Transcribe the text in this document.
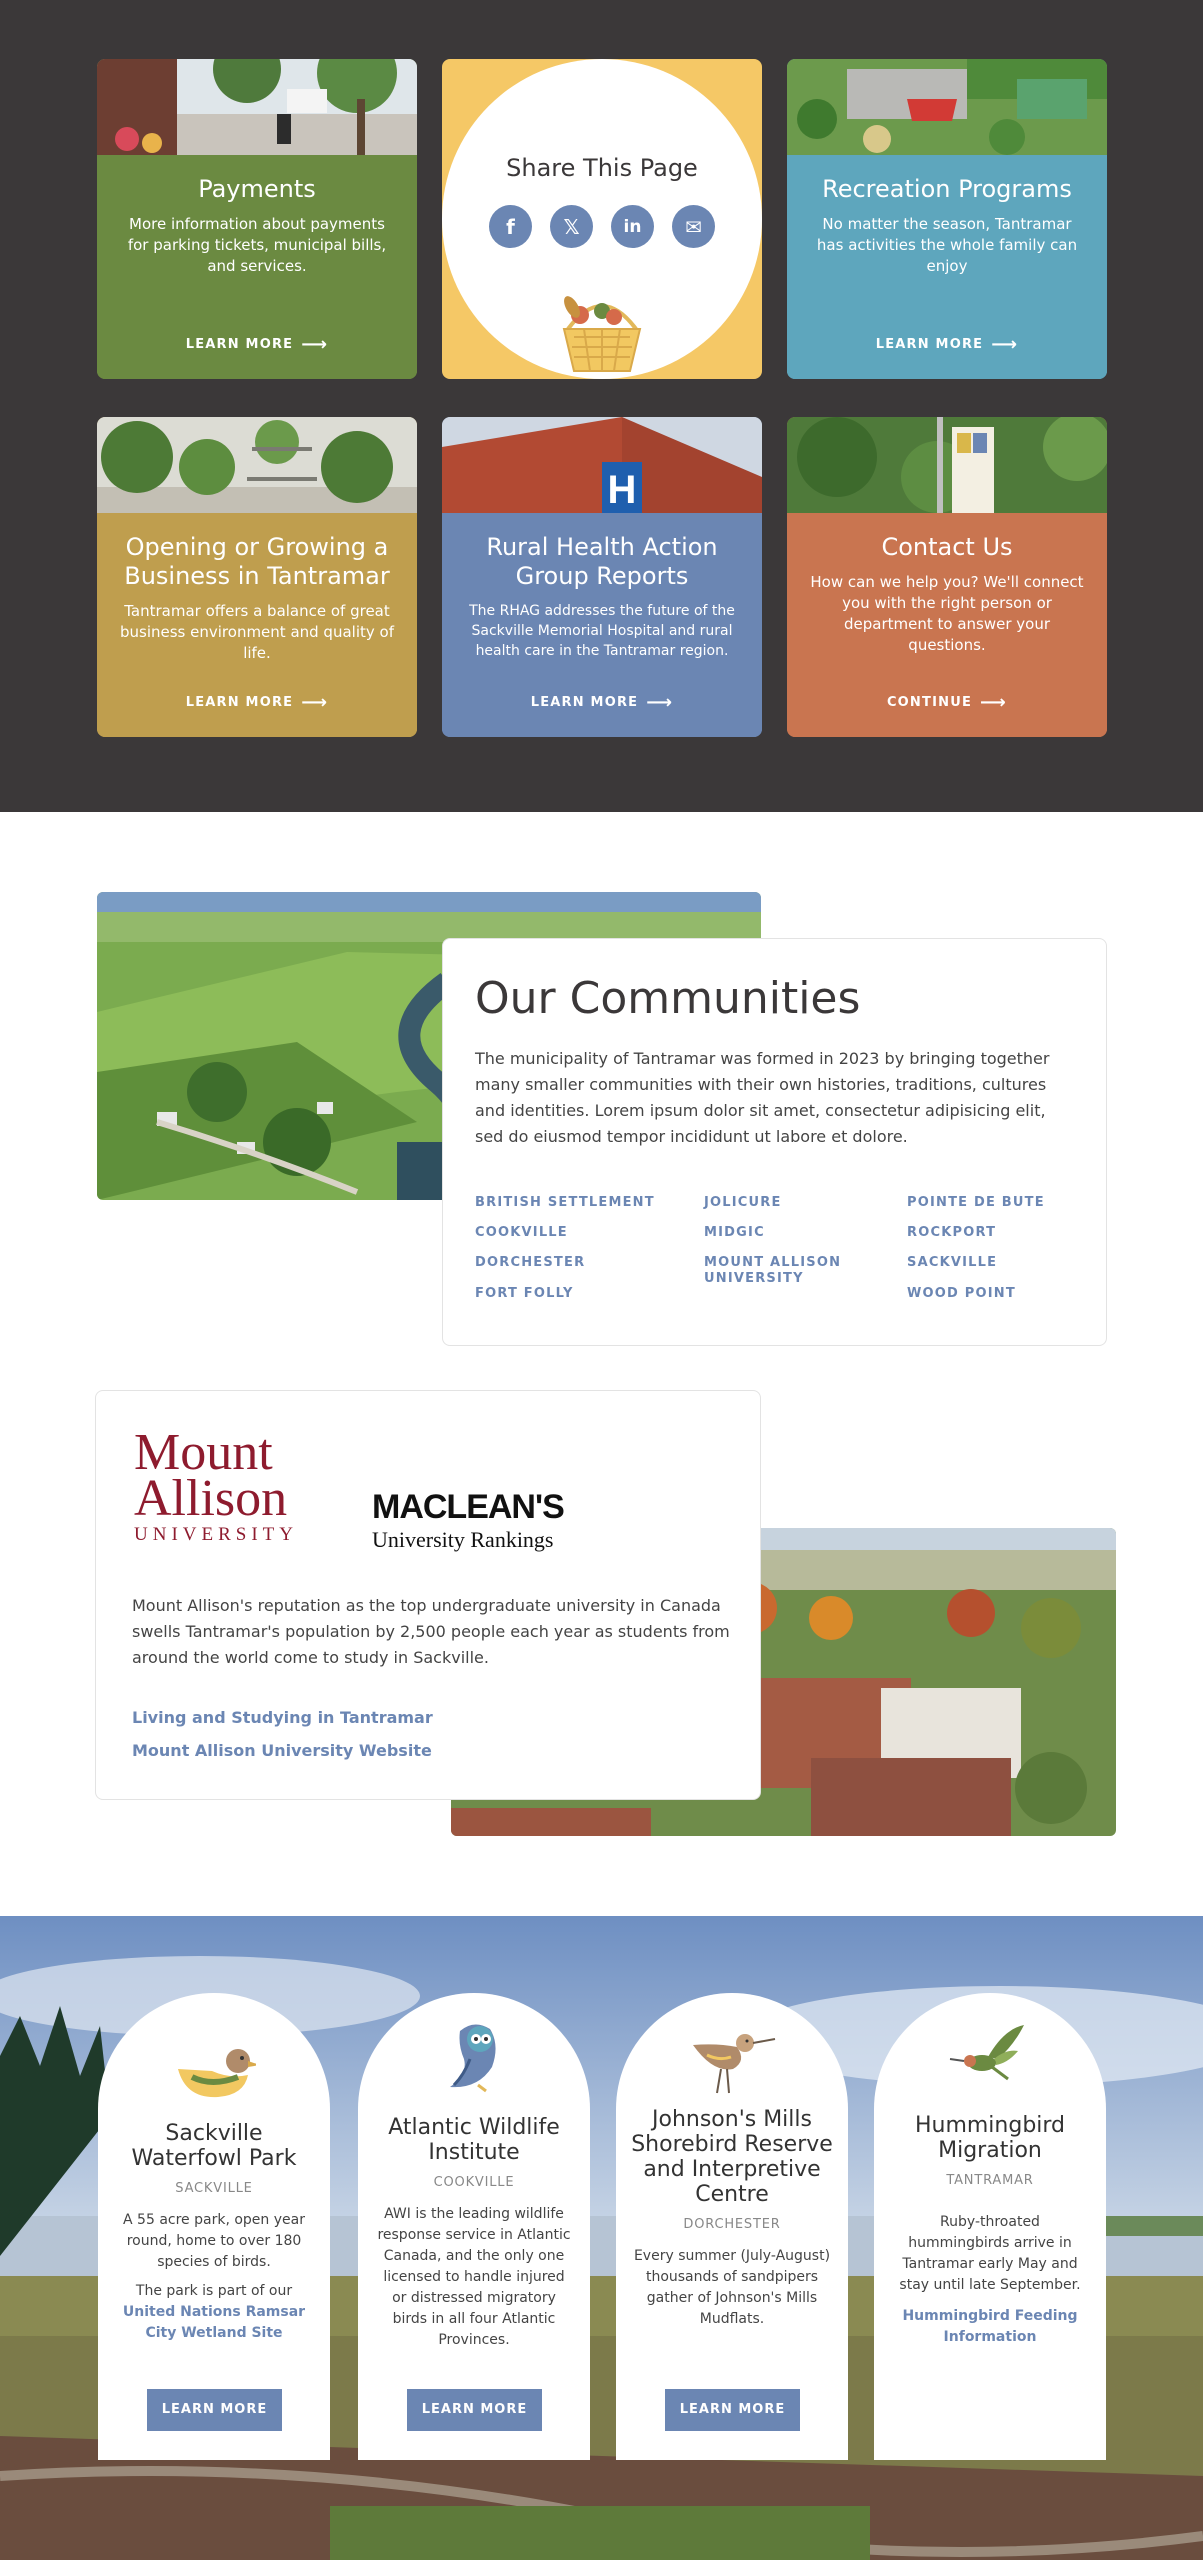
Payments

More information about payments for parking tickets, municipal bills, and services.

LEARN MORE ⟶
Share This Page
f	𝕏	in	✉
Recreation Programs

No matter the season, Tantramar has activities the whole family can enjoy

LEARN MORE ⟶
Opening or Growing a Business in Tantramar

Tantramar offers a balance of great business environment and quality of life.

LEARN MORE ⟶
H
Rural Health Action Group Reports

The RHAG addresses the future of the Sackville Memorial Hospital and rural health care in the Tantramar region.

LEARN MORE ⟶
Contact Us

How can we help you? We'll connect you with the right person or department to answer your questions.

CONTINUE ⟶
Our Communities

The municipality of Tantramar was formed in 2023 by bringing together many smaller communities with their own histories, traditions, cultures and identities. Lorem ipsum dolor sit amet, consectetur adipisicing elit, sed do eiusmod tempor incididunt ut labore et dolore.

BRITISH SETTLEMENT
COOKVILLE
DORCHESTER
FORT FOLLY
JOLICURE
MIDGIC
MOUNT ALLISON UNIVERSITY
POINTE DE BUTE
ROCKPORT
SACKVILLE
WOOD POINT
Mount
Allison
UNIVERSITY
MACLEAN'S
University Rankings

Mount Allison's reputation as the top undergraduate university in Canada swells Tantramar's population by 2,500 people each year as students from around the world come to study in Sackville.

Living and Studying in Tantramar
Mount Allison University Website
Sackville Waterfowl Park
SACKVILLE
A 55 acre park, open year round, home to over 180 species of birds.
The park is part of our United Nations Ramsar City Wetland Site
LEARN MORE
Atlantic Wildlife Institute
COOKVILLE
AWI is the leading wildlife response service in Atlantic Canada, and the only one licensed to handle injured or distressed migratory birds in all four Atlantic Provinces.
LEARN MORE
Johnson's Mills Shorebird Reserve and Interpretive Centre
DORCHESTER
Every summer (July-August) thousands of sandpipers gather of Johnson's Mills Mudflats.
LEARN MORE
Hummingbird Migration
TANTRAMAR
Ruby-throated hummingbirds arrive in Tantramar early May and stay until late September.
Hummingbird Feeding Information
